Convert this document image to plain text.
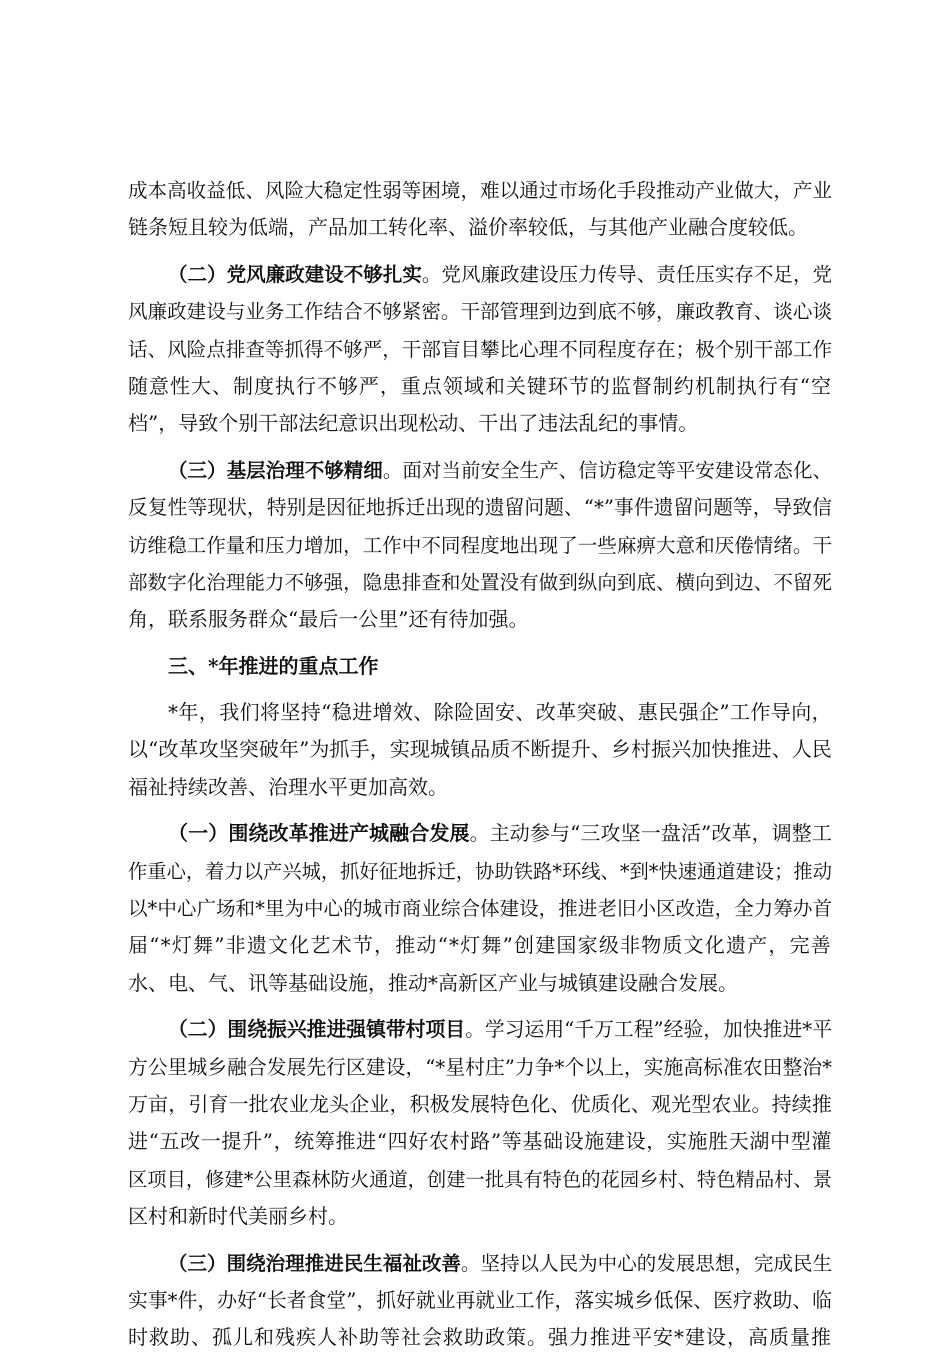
成本高收益低、风险大稳定性弱等困境，难以通过市场化手段推动产业做大，产业
链条短且较为低端，产品加工转化率、溢价率较低，与其他产业融合度较低。
（二）党风廉政建设不够扎实。党风廉政建设压力传导、责任压实存不足，党
风廉政建设与业务工作结合不够紧密。干部管理到边到底不够，廉政教育、谈心谈
话、风险点排查等抓得不够严，干部盲目攀比心理不同程度存在；极个别干部工作
随意性大、制度执行不够严，重点领域和关键环节的监督制约机制执行有“空
档”，导致个别干部法纪意识出现松动、干出了违法乱纪的事情。
（三）基层治理不够精细。面对当前安全生产、信访稳定等平安建设常态化、
反复性等现状，特别是因征地拆迁出现的遗留问题、“*”事件遗留问题等，导致信
访维稳工作量和压力增加，工作中不同程度地出现了一些麻痹大意和厌倦情绪。干
部数字化治理能力不够强，隐患排查和处置没有做到纵向到底、横向到边、不留死
角，联系服务群众“最后一公里”还有待加强。
三、*年推进的重点工作
*年，我们将坚持“稳进增效、除险固安、改革突破、惠民强企”工作导向，
以“改革攻坚突破年”为抓手，实现城镇品质不断提升、乡村振兴加快推进、人民
福祉持续改善、治理水平更加高效。
（一）围绕改革推进产城融合发展。主动参与“三攻坚一盘活”改革，调整工
作重心，着力以产兴城，抓好征地拆迁，协助铁路*环线、*到*快速通道建设；推动
以*中心广场和*里为中心的城市商业综合体建设，推进老旧小区改造，全力筹办首
届“*灯舞”非遗文化艺术节，推动“*灯舞”创建国家级非物质文化遗产，完善
水、电、气、讯等基础设施，推动*高新区产业与城镇建设融合发展。
（二）围绕振兴推进强镇带村项目。学习运用“千万工程”经验，加快推进*平
方公里城乡融合发展先行区建设，“*星村庄”力争*个以上，实施高标准农田整治*
万亩，引育一批农业龙头企业，积极发展特色化、优质化、观光型农业。持续推
进“五改一提升”，统筹推进“四好农村路”等基础设施建设，实施胜天湖中型灌
区项目，修建*公里森林防火通道，创建一批具有特色的花园乡村、特色精品村、景
区村和新时代美丽乡村。
（三）围绕治理推进民生福祉改善。坚持以人民为中心的发展思想，完成民生
实事*件，办好“长者食堂”，抓好就业再就业工作，落实城乡低保、医疗救助、临
时救助、孤儿和残疾人补助等社会救助政策。强力推进平安*建设，高质量推
